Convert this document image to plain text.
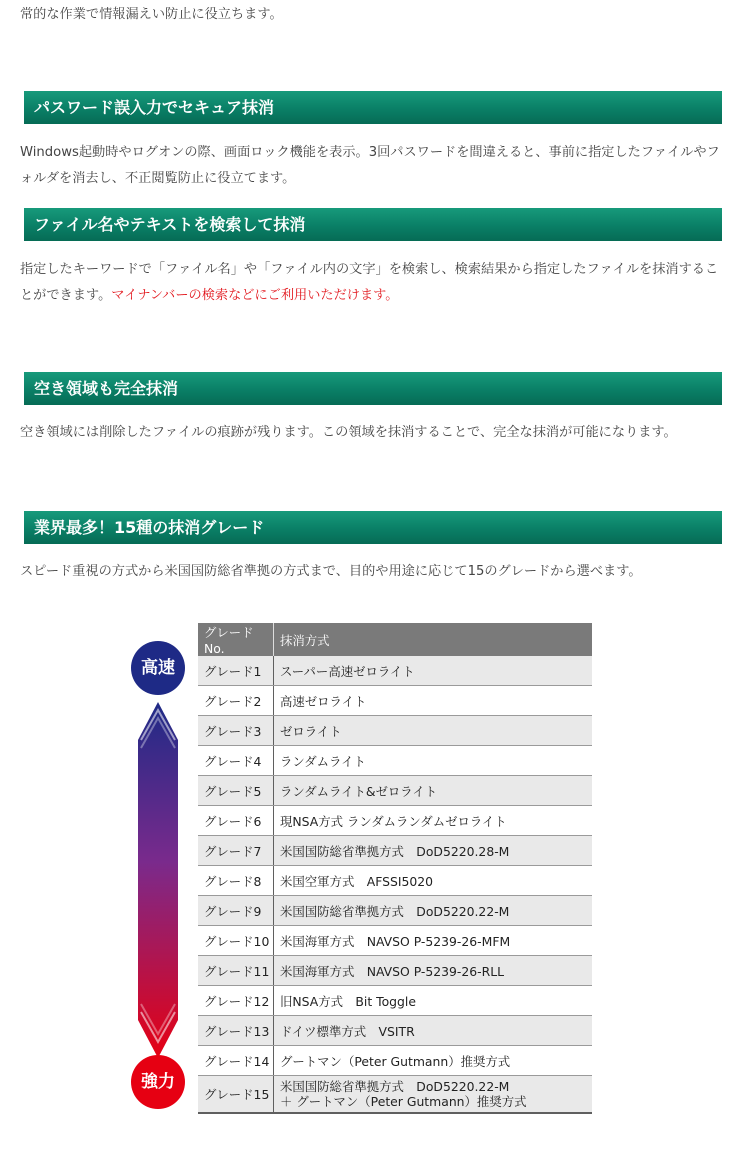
常的な作業で情報漏えい防止に役立ちます。

パスワード誤入力でセキュア抹消

Windows起動時やログオンの際、画面ロック機能を表示。3回パスワードを間違えると、事前に指定したファイルやフォルダを消去し、不正閲覧防止に役立てます。

ファイル名やテキストを検索して抹消

指定したキーワードで「ファイル名」や「ファイル内の文字」を検索し、検索結果から指定したファイルを抹消することができます。マイナンバーの検索などにご利用いただけます。

空き領域も完全抹消

空き領域には削除したファイルの痕跡が残ります。この領域を抹消することで、完全な抹消が可能になります。

業界最多！15種の抹消グレード

スピード重視の方式から米国国防総省準拠の方式まで、目的や用途に応じて15のグレードから選べます。

高速
強力
グレードNo.	抹消方式
グレード1	スーパー高速ゼロライト
グレード2	高速ゼロライト
グレード3	ゼロライト
グレード4	ランダムライト
グレード5	ランダムライト&ゼロライト
グレード6	現NSA方式 ランダムランダムゼロライト
グレード7	米国国防総省準拠方式　DoD5220.28-M
グレード8	米国空軍方式　AFSSI5020
グレード9	米国国防総省準拠方式　DoD5220.22-M
グレード10	米国海軍方式　NAVSO P-5239-26-MFM
グレード11	米国海軍方式　NAVSO P-5239-26-RLL
グレード12	旧NSA方式　Bit Toggle
グレード13	ドイツ標準方式　VSITR
グレード14	グートマン（Peter Gutmann）推奨方式
グレード15	米国国防総省準拠方式　DoD5220.22-M
＋ グートマン（Peter Gutmann）推奨方式
